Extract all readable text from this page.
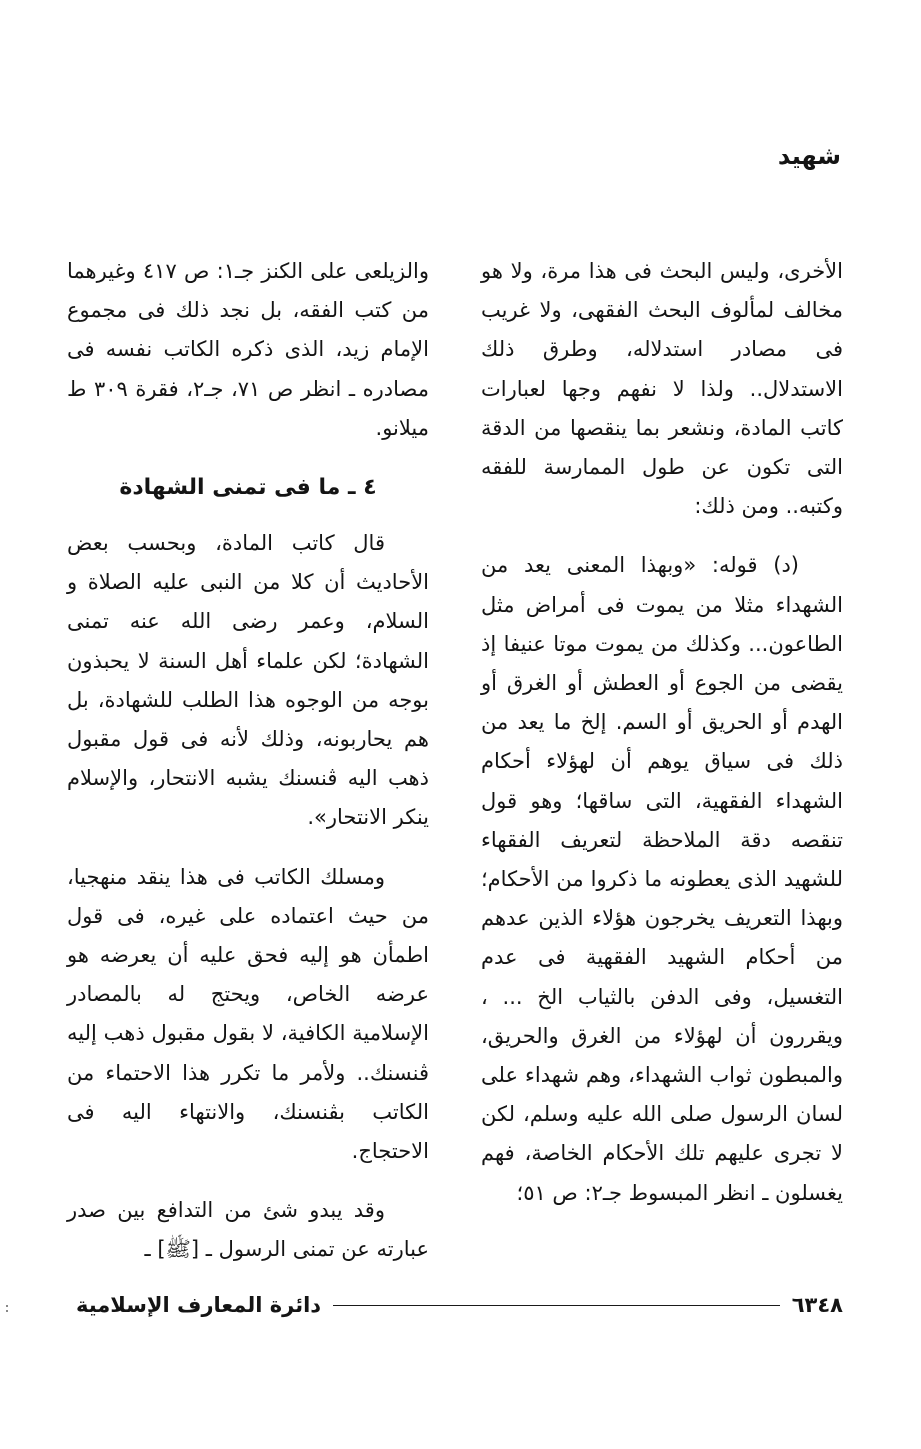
شهيد

الأخرى، وليس البحث فى هذا مرة، ولا هو مخالف لمألوف البحث الفقهى، ولا غريب فى مصادر استدلاله، وطرق ذلك الاستدلال.. ولذا لا نفهم وجها لعبارات كاتب المادة، ونشعر بما ينقصها من الدقة التى تكون عن طول الممارسة للفقه وكتبه.. ومن ذلك:

(د) قوله: «وبهذا المعنى يعد من الشهداء مثلا من يموت فى أمراض مثل الطاعون... وكذلك من يموت موتا عنيفا إذ يقضى من الجوع أو العطش أو الغرق أو الهدم أو الحريق أو السم. إلخ ما يعد من ذلك فى سياق يوهم أن لهؤلاء أحكام الشهداء الفقهية، التى ساقها؛ وهو قول تنقصه دقة الملاحظة لتعريف الفقهاء للشهيد الذى يعطونه ما ذكروا من الأحكام؛ وبهذا التعريف يخرجون هؤلاء الذين عدهم من أحكام الشهيد الفقهية فى عدم التغسيل، وفى الدفن بالثياب الخ ... ، ويقررون أن لهؤلاء من الغرق والحريق، والمبطون ثواب الشهداء، وهم شهداء على لسان الرسول صلى الله عليه وسلم، لكن لا تجرى عليهم تلك الأحكام الخاصة، فهم يغسلون ـ انظر المبسوط جـ٢: ص ٥١؛

والزيلعى على الكنز جـ١: ص ٤١٧ وغيرهما من كتب الفقه، بل نجد ذلك فى مجموع الإمام زيد، الذى ذكره الكاتب نفسه فى مصادره ـ انظر ص ٧١، جـ٢، فقرة ٣٠٩ ط ميلانو.

٤ ـ ما فى تمنى الشهادة

قال كاتب المادة، وبحسب بعض الأحاديث أن كلا من النبى عليه الصلاة و السلام، وعمر رضى الله عنه تمنى الشهادة؛ لكن علماء أهل السنة لا يحبذون بوجه من الوجوه هذا الطلب للشهادة، بل هم يحاربونه، وذلك لأنه فى قول مقبول ذهب اليه ڤنسنك يشبه الانتحار، والإسلام ينكر الانتحار».

ومسلك الكاتب فى هذا ينقد منهجيا، من حيث اعتماده على غيره، فى قول اطمأن هو إليه فحق عليه أن يعرضه هو عرضه الخاص، ويحتج له بالمصادر الإسلامية الكافية، لا بقول مقبول ذهب إليه ڤنسنك.. ولأمر ما تكرر هذا الاحتماء من الكاتب بڤنسنك، والانتهاء اليه فى الاحتجاج.

وقد يبدو شئ من التدافع بين صدر عبارته عن تمنى الرسول ـ [ﷺ] ـ

دائرة المعارف الإسلامية	٦٣٤٨
